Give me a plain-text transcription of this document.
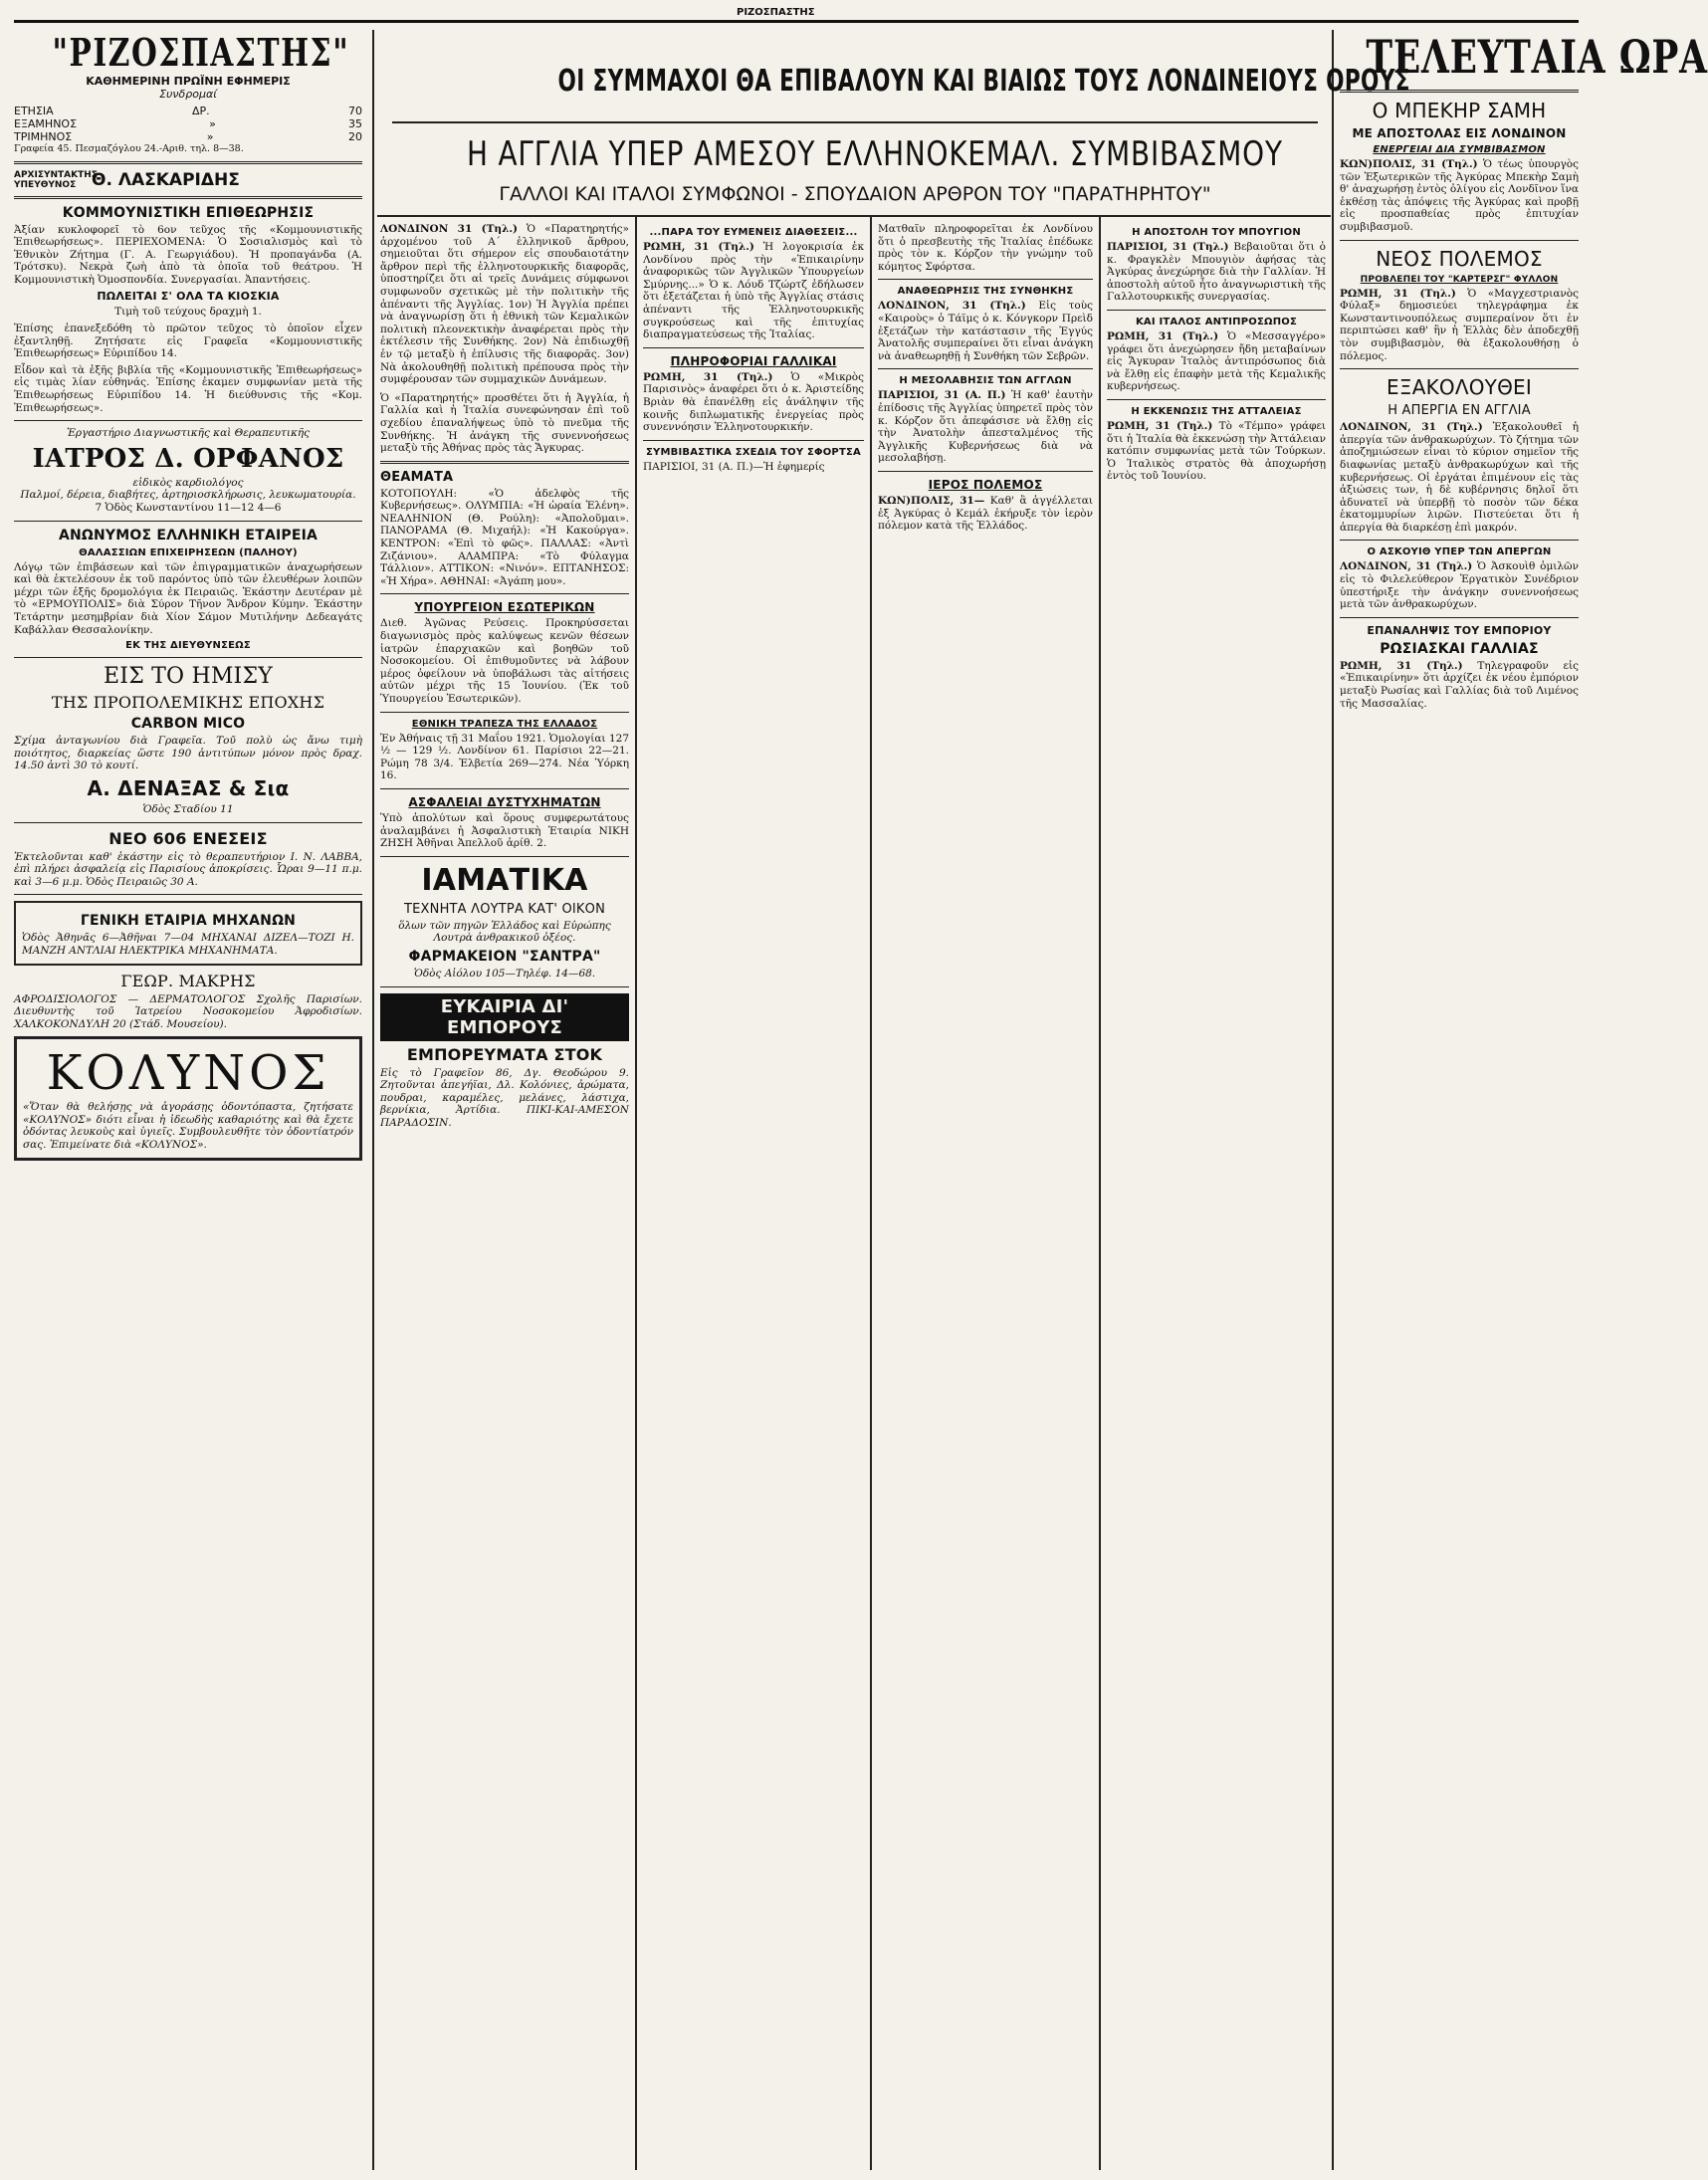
ΡΙΖΟΣΠΑΣΤΗΣ
ΟΙ ΣΥΜΜΑΧΟΙ ΘΑ ΕΠΙΒΑΛΟΥΝ ΚΑΙ ΒΙΑΙΩΣ ΤΟΥΣ ΛΟΝΔΙΝΕΙΟΥΣ ΟΡΟΥΣ
Η ΑΓΓΛΙΑ ΥΠΕΡ ΑΜΕΣΟΥ ΕΛΛΗΝΟΚΕΜΑΛ. ΣΥΜΒΙΒΑΣΜΟΥ
ΓΑΛΛΟΙ ΚΑΙ ΙΤΑΛΟΙ ΣΥΜΦΩΝΟΙ - ΣΠΟΥΔΑΙΟΝ ΑΡΘΡΟΝ ΤΟΥ "ΠΑΡΑΤΗΡΗΤΟΥ"
"ΡΙΖΟΣΠΑΣΤΗΣ"
ΚΑΘΗΜΕΡΙΝΗ ΠΡΩΪΝΗ ΕΦΗΜΕΡΙΣ
Συνδρομαί
ΕΤΗΣΙΑ	ΔΡ.	70
ΕΞΑΜΗΝΟΣ	»	35
ΤΡΙΜΗΝΟΣ	»	20
Γραφεία 45. Πεσμαζόγλου 24.-Αριθ. τηλ. 8—38.
ΑΡΧΙΣΥΝΤΑΚΤΗΣ ΥΠΕΥΘΥΝΟΣ Θ. ΛΑΣΚΑΡΙΔΗΣ
ΚΟΜΜΟΥΝΙΣΤΙΚΗ ΕΠΙΘΕΩΡΗΣΙΣ
Ἀξίαν κυκλοφορεῖ τὸ 6ον τεῦχος τῆς «Κομμουνιστικῆς Ἐπιθεωρήσεως». ΠΕΡΙΕΧΟΜΕΝΑ: Ὁ Σοσιαλισμὸς καὶ τὸ Ἐθνικὸν Ζήτημα (Γ. Α. Γεωργιάδου). Ἡ προπαγάνδα (Α. Τρότσκυ). Νεκρὰ ζωὴ ἀπὸ τὰ ὁποῖα τοῦ θεάτρου. Ἡ Κομμουνιστικὴ Ὁμοσπονδία. Συνεργασίαι. Ἀπαντήσεις.
ΠΩΛΕΙΤΑΙ Σ' ΟΛΑ ΤΑ ΚΙΟΣΚΙΑ
Τιμὴ τοῦ τεύχους δραχμὴ 1.
Ἐπίσης ἐπανεξεδόθη τὸ πρῶτον τεῦχος τὸ ὁποῖον εἶχεν ἐξαντληθῇ. Ζητήσατε εἰς Γραφεῖα «Κομμουνιστικῆς Ἐπιθεωρήσεως» Εὐριπίδου 14.
Εἶδον καὶ τὰ ἑξῆς βιβλία τῆς «Κομμουνιστικῆς Ἐπιθεωρήσεως» εἰς τιμὰς λίαν εὐθηνάς. Ἐπίσης ἐκαμεν συμφωνίαν μετὰ τῆς Ἐπιθεωρήσεως Εὐριπίδου 14. Ἡ διεύθυνσις τῆς «Κομ. Ἐπιθεωρήσεως».
Ἐργαστήριο Διαγνωστικῆς καὶ Θεραπευτικῆς
ΙΑΤΡΟΣ Δ. ΟΡΦΑΝΟΣ
εἰδικὸς καρδιολόγος
Παλμοί, δέρεια, διαβήτες, ἀρτηριοσκλήρωσις, λευκωματουρία.
7 Ὁδὸς Κωνσταντίνου 11—12 4—6
ΑΝΩΝΥΜΟΣ ΕΛΛΗΝΙΚΗ ΕΤΑΙΡΕΙΑ
ΘΑΛΑΣΣΙΩΝ ΕΠΙΧΕΙΡΗΣΕΩΝ (ΠΑΛΗΟΥ)
Λόγῳ τῶν ἐπιβάσεων καὶ τῶν ἐπιγραμματικῶν ἀναχωρήσεων καὶ θὰ ἐκτελέσουν ἐκ τοῦ παρόντος ὑπὸ τῶν ἐλευθέρων λοιπῶν μέχρι τῶν ἐξῆς δρομολόγια ἐκ Πειραιῶς. Ἑκάστην Δευτέραν μὲ τὸ «ΕΡΜΟΥΠΟΛΙΣ» διὰ Σύρον Τῆνον Ἄνδρον Κύμην. Ἑκάστην Τετάρτην μεσημβρίαν διὰ Χίον Σάμον Μυτιλήνην Δεδεαγάτς Καβάλλαν Θεσσαλονίκην.
ΕΚ ΤΗΣ ΔΙΕΥΘΥΝΣΕΩΣ
ΕΙΣ ΤΟ ΗΜΙΣΥ
ΤΗΣ ΠΡΟΠΟΛΕΜΙΚΗΣ ΕΠΟΧΗΣ
CARBON MICO
Σχίμα ἀνταγωνίου διὰ Γραφεῖα. Τοῦ πολὺ ὡς ἄνω τιμὴ ποιότητος, διαρκείας ὥστε 190 ἀντιτύπων μόνον πρὸς δραχ. 14.50 ἀντὶ 30 τὸ κουτί.
Α. ΔΕΝΑΞΑΣ & Σια
Ὁδὸς Σταδίου 11
ΝΕΟ 606 ΕΝΕΣΕΙΣ
Ἐκτελοῦνται καθ' ἑκάστην εἰς τὸ θεραπευτήριον Ι. Ν. ΛΑΒΒΑ, ἐπὶ πλήρει ἀσφαλείᾳ εἰς Παρισίους ἀποκρίσεις. Ὧραι 9—11 π.μ. καὶ 3—6 μ.μ. Ὁδὸς Πειραιῶς 30 Α.
ΓΕΝΙΚΗ ΕΤΑΙΡΙΑ ΜΗΧΑΝΩΝ
Ὁδὸς Ἀθηνᾶς 6—Ἀθῆναι 7—04 ΜΗΧΑΝΑΙ ΔΙΖΕΛ—ΤΟΖΙ Η. ΜΑΝΖΗ ΑΝΤΛΙΑΙ ΗΛΕΚΤΡΙΚΑ ΜΗΧΑΝΗΜΑΤΑ.
ΓΕΩΡ. ΜΑΚΡΗΣ
ΑΦΡΟΔΙΣΙΟΛΟΓΟΣ — ΔΕΡΜΑΤΟΛΟΓΟΣ Σχολῆς Παρισίων. Διευθυντὴς τοῦ Ἰατρείου Νοσοκομείου Ἀφροδισίων. ΧΑΛΚΟΚΟΝΔΥΛΗ 20 (Στάδ. Μουσείου).
ΚΟΛΥΝΟΣ
«Ὅταν θὰ θελήσῃς νὰ ἀγοράσῃς ὀδοντόπαστα, ζητήσατε «ΚΟΛΥΝΟΣ» διότι εἶναι ἡ ἰδεωδὴς καθαριότης καὶ θὰ ἔχετε ὀδόντας λευκοὺς καὶ ὑγιεῖς. Συμβουλευθῆτε τὸν ὀδοντίατρόν σας. Ἐπιμείνατε διὰ «ΚΟΛΥΝΟΣ».
ΛΟΝΔΙΝΟΝ 31 (Τηλ.) Ὁ «Παρατηρητής» ἀρχομένου τοῦ Α΄ ἑλληνικοῦ ἄρθρου, σημειοῦται ὅτι σήμερον εἰς σπουδαιοτάτην ἄρθρον περὶ τῆς ἑλληνοτουρκικῆς διαφορᾶς, ὑποστηρίζει ὅτι αἱ τρεῖς Δυνάμεις σύμφωνοι συμφωνοῦν σχετικῶς μὲ τὴν πολιτικὴν τῆς ἀπέναντι τῆς Ἀγγλίας. 1ον) Ἡ Ἀγγλία πρέπει νὰ ἀναγνωρίσῃ ὅτι ἡ ἐθνικὴ τῶν Κεμαλικῶν πολιτικὴ πλεονεκτικὴν ἀναφέρεται πρὸς τὴν ἐκτέλεσιν τῆς Συνθήκης. 2ον) Νὰ ἐπιδιωχθῇ ἐν τῷ μεταξὺ ἡ ἐπίλυσις τῆς διαφορᾶς. 3ον) Νὰ ἀκολουθηθῇ πολιτικὴ πρέπουσα πρὸς τὴν συμφέρουσαν τῶν συμμαχικῶν Δυνάμεων.
Ὁ «Παρατηρητής» προσθέτει ὅτι ἡ Ἀγγλία, ἡ Γαλλία καὶ ἡ Ἰταλία συνεφώνησαν ἐπὶ τοῦ σχεδίου ἐπαναλήψεως ὑπὸ τὸ πνεῦμα τῆς Συνθήκης. Ἡ ἀνάγκη τῆς συνεννοήσεως μεταξὺ τῆς Ἀθήνας πρὸς τὰς Ἄγκυρας.
ΘΕΑΜΑΤΑ
ΚΟΤΟΠΟΥΛΗ: «Ὁ ἀδελφὸς τῆς Κυβερνήσεως». ΟΛΥΜΠΙΑ: «Ἡ ὡραία Ἑλένη». ΝΕΑΛΗΝΙΟΝ (Θ. Ρούλη): «Ἀπολοῦμαι». ΠΑΝΟΡΑΜΑ (Θ. Μιχαήλ): «Ἡ Κακούργα». ΚΕΝΤΡΟΝ: «Ἐπὶ τὸ φῶς». ΠΑΛΛΑΣ: «Ἀντὶ Ζιζάνιου». ΑΛΑΜΠΡΑ: «Τὸ Φύλαγμα Τάλλιον». ΑΤΤΙΚΟΝ: «Νινόν». ΕΠΤΑΝΗΣΟΣ: «Ἡ Χήρα». ΑΘΗΝΑΙ: «Ἀγάπη μου».
ΥΠΟΥΡΓΕΙΟΝ ΕΣΩΤΕΡΙΚΩΝ
Διεθ. Ἀγῶνας Ρεύσεις. Προκηρύσσεται διαγωνισμὸς πρὸς καλύψεως κενῶν θέσεων ἱατρῶν ἐπαρχιακῶν καὶ βοηθῶν τοῦ Νοσοκομείου. Οἱ ἐπιθυμοῦντες νὰ λάβουν μέρος ὀφείλουν νὰ ὑποβάλωσι τὰς αἰτήσεις αὐτῶν μέχρι τῆς 15 Ἰουνίου. (Ἐκ τοῦ Ὑπουργείου Ἐσωτερικῶν).
ΕΘΝΙΚΗ ΤΡΑΠΕΖΑ ΤΗΣ ΕΛΛΑΔΟΣ
Ἐν Ἀθήναις τῇ 31 Μαΐου 1921. Ὁμολογίαι 127 ½ — 129 ½. Λονδίνον 61. Παρίσιοι 22—21. Ρώμη 78 3/4. Ἑλβετία 269—274. Νέα Ὑόρκη 16.
ΑΣΦΑΛΕΙΑΙ ΔΥΣΤΥΧΗΜΑΤΩΝ
Ὑπὸ ἀπολύτων καὶ ὅρους συμφερωτάτους ἀναλαμβάνει ἡ Ἀσφαλιστικὴ Ἑταιρία ΝΙΚΗ ΖΗΣΗ Ἀθῆναι Ἀπελλοῦ ἀρίθ. 2.
ΙΑΜΑΤΙΚΑ
ΤΕΧΝΗΤΑ ΛΟΥΤΡΑ ΚΑΤ' ΟΙΚΟΝ
ὅλων τῶν πηγῶν Ἑλλάδος καὶ Εὐρώπης Λουτρὰ ἀνθρακικοῦ ὀξέος.
ΦΑΡΜΑΚΕΙΟΝ "ΣΑΝΤΡΑ"
Ὁδὸς Αἰόλου 105—Τηλέφ. 14—68.
ΕΥΚΑΙΡΙΑ ΔΙ' ΕΜΠΟΡΟΥΣ
ΕΜΠΟΡΕΥΜΑΤΑ ΣΤΟΚ
Εἰς τὸ Γραφεῖον 86, Δγ. Θεοδώρου 9. Ζητοῦνται ἀπεγήϊαι, Δλ. Κολόνιες, ἀρώματα, πουδραι, καραμέλες, μελάνες, λάστιχα, βερνίκια, Ἀρτίδια. ΠΙΚΙ-ΚΑΙ-ΑΜΕΣΟΝ ΠΑΡΑΔΟΣΙΝ.
...ΠΑΡΑ ΤΟΥ ΕΥΜΕΝΕΙΣ ΔΙΑΘΕΣΕΙΣ...
ΡΩΜΗ, 31 (Τηλ.) Ἡ λογοκρισία ἐκ Λονδίνου πρὸς τὴν «Ἐπικαιρίνην ἀναφορικῶς τῶν Ἀγγλικῶν Ὑπουργείων Σμύρνης...» Ὁ κ. Λόυδ Τζώρτζ ἐδήλωσεν ὅτι ἐξετάζεται ἡ ὑπὸ τῆς Ἀγγλίας στάσις ἀπέναντι τῆς Ἑλληνοτουρκικῆς συγκρούσεως καὶ τῆς ἐπιτυχίας διαπραγματεύσεως τῆς Ἰταλίας.
ΠΛΗΡΟΦΟΡΙΑΙ ΓΑΛΛΙΚΑΙ
ΡΩΜΗ, 31 (Τηλ.) Ὁ «Μικρὸς Παρισινὸς» ἀναφέρει ὅτι ὁ κ. Ἀριστείδης Βριὰν θὰ ἐπανέλθῃ εἰς ἀνάληψιν τῆς κοινῆς διπλωματικῆς ἐνεργείας πρὸς συνεννόησιν Ἑλληνοτουρκικήν.
ΣΥΜΒΙΒΑΣΤΙΚΑ ΣΧΕΔΙΑ ΤΟΥ ΣΦΟΡΤΣΑ
ΠΑΡΙΣΙΟΙ, 31 (Α. Π.)—Ἡ ἐφημερίς
Ματθαῖν πληροφορεῖται ἐκ Λονδίνου ὅτι ὁ πρεσβευτὴς τῆς Ἰταλίας ἐπέδωκε πρὸς τὸν κ. Κόρζον τὴν γνώμην τοῦ κόμητος Σφόρτσα.
ΑΝΑΘΕΩΡΗΣΙΣ ΤΗΣ ΣΥΝΘΗΚΗΣ
ΛΟΝΔΙΝΟΝ, 31 (Τηλ.) Εἰς τοὺς «Καιροὺς» ὁ Τάϊμς ὁ κ. Κόνγκορν Πρεὶδ ἐξετάζων τὴν κατάστασιν τῆς Ἐγγύς Ἀνατολῆς συμπεραίνει ὅτι εἶναι ἀνάγκη νὰ ἀναθεωρηθῇ ἡ Συνθήκη τῶν Σεβρῶν.
Η ΜΕΣΟΛΑΒΗΣΙΣ ΤΩΝ ΑΓΓΛΩΝ
ΠΑΡΙΣΙΟΙ, 31 (Α. Π.) Ἡ καθ' ἑαυτὴν ἐπίδοσις τῆς Ἀγγλίας ὑπηρετεῖ πρὸς τὸν κ. Κόρζον ὅτι ἀπεφάσισε νὰ ἔλθῃ εἰς τὴν Ἀνατολὴν ἀπεσταλμένος τῆς Ἀγγλικῆς Κυβερνήσεως διὰ νὰ μεσολαβήσῃ.
ΙΕΡΟΣ ΠΟΛΕΜΟΣ
ΚΩΝ)ΠΟΛΙΣ, 31— Καθ' ἃ ἀγγέλλεται ἐξ Ἀγκύρας ὁ Κεμάλ ἐκήρυξε τὸν ἱερὸν πόλεμον κατὰ τῆς Ἑλλάδος.
Η ΑΠΟΣΤΟΛΗ ΤΟΥ ΜΠΟΥΓΙΟΝ
ΠΑΡΙΣΙΟΙ, 31 (Τηλ.) Βεβαιοῦται ὅτι ὁ κ. Φραγκλὲν Μπουγιὸν ἀφήσας τὰς Ἀγκύρας ἀνεχώρησε διὰ τὴν Γαλλίαν. Ἡ ἀποστολὴ αὐτοῦ ἦτο ἀναγνωριστικὴ τῆς Γαλλοτουρκικῆς συνεργασίας.
ΚΑΙ ΙΤΑΛΟΣ ΑΝΤΙΠΡΟΣΩΠΟΣ
ΡΩΜΗ, 31 (Τηλ.) Ὁ «Μεσσαγγέρο» γράφει ὅτι ἀνεχώρησεν ἤδη μεταβαίνων εἰς Ἄγκυραν Ἰταλὸς ἀντιπρόσωπος διὰ νὰ ἔλθῃ εἰς ἐπαφὴν μετὰ τῆς Κεμαλικῆς κυβερνήσεως.
Η ΕΚΚΕΝΩΣΙΣ ΤΗΣ ΑΤΤΑΛΕΙΑΣ
ΡΩΜΗ, 31 (Τηλ.) Τὸ «Τέμπο» γράφει ὅτι ἡ Ἰταλία θὰ ἐκκενώσῃ τὴν Ἀττάλειαν κατόπιν συμφωνίας μετὰ τῶν Τούρκων. Ὁ Ἰταλικὸς στρατὸς θὰ ἀποχωρήσῃ ἐντὸς τοῦ Ἰουνίου.
ΤΕΛΕΥΤΑΙΑ ΩΡΑ
Ο ΜΠΕΚΗΡ ΣΑΜΗ
ΜΕ ΑΠΟΣΤΟΛΑΣ ΕΙΣ ΛΟΝΔΙΝΟΝ
ΕΝΕΡΓΕΙΑΙ ΔΙΑ ΣΥΜΒΙΒΑΣΜΟΝ
ΚΩΝ)ΠΟΛΙΣ, 31 (Τηλ.) Ὁ τέως ὑπουργὸς τῶν Ἐξωτερικῶν τῆς Ἀγκύρας Μπεκὴρ Σαμὴ θ' ἀναχωρήσῃ ἐντὸς ὀλίγου εἰς Λονδῖνον ἵνα ἐκθέσῃ τὰς ἀπόψεις τῆς Ἀγκύρας καὶ προβῇ εἰς προσπαθείας πρὸς ἐπιτυχίαν συμβιβασμοῦ.
ΝΕΟΣ ΠΟΛΕΜΟΣ
ΠΡΟΒΛΕΠΕΙ ΤΟΥ "ΚΑΡΤΕΡΣΓ" ΦΥΛΛΟΝ
ΡΩΜΗ, 31 (Τηλ.) Ὁ «Μαγχεστριανὸς Φύλαξ» δημοσιεύει τηλεγράφημα ἐκ Κωνσταντινουπόλεως συμπεραίνον ὅτι ἐν περιπτώσει καθ' ἣν ἡ Ἑλλὰς δὲν ἀποδεχθῇ τὸν συμβιβασμὸν, θὰ ἐξακολουθήσῃ ὁ πόλεμος.
ΕΞΑΚΟΛΟΥΘΕΙ
Η ΑΠΕΡΓΙΑ ΕΝ ΑΓΓΛΙΑ
ΛΟΝΔΙΝΟΝ, 31 (Τηλ.) Ἐξακολουθεῖ ἡ ἀπεργία τῶν ἀνθρακωρύχων. Τὸ ζήτημα τῶν ἀποζημιώσεων εἶναι τὸ κύριον σημεῖον τῆς διαφωνίας μεταξὺ ἀνθρακωρύχων καὶ τῆς κυβερνήσεως. Οἱ ἐργάται ἐπιμένουν εἰς τὰς ἀξιώσεις των, ἡ δὲ κυβέρνησις δηλοῖ ὅτι ἀδυνατεῖ νὰ ὑπερβῇ τὸ ποσὸν τῶν δέκα ἑκατομμυρίων λιρῶν. Πιστεύεται ὅτι ἡ ἀπεργία θὰ διαρκέσῃ ἐπὶ μακρόν.
Ο ΑΣΚΟΥΙΘ ΥΠΕΡ ΤΩΝ ΑΠΕΡΓΩΝ
ΛΟΝΔΙΝΟΝ, 31 (Τηλ.) Ὁ Ἀσκουὶθ ὁμιλῶν εἰς τὸ Φιλελεύθερον Ἐργατικὸν Συνέδριον ὑπεστήριξε τὴν ἀνάγκην συνεννοήσεως μετὰ τῶν ἀνθρακωρύχων.
ΕΠΑΝΑΛΗΨΙΣ ΤΟΥ ΕΜΠΟΡΙΟΥ
ΡΩΣΙΑΣΚΑΙ ΓΑΛΛΙΑΣ
ΡΩΜΗ, 31 (Τηλ.) Τηλεγραφοῦν εἰς «Ἐπικαιρίνην» ὅτι ἀρχίζει ἐκ νέου ἐμπόριον μεταξὺ Ρωσίας καὶ Γαλλίας διὰ τοῦ Λιμένος τῆς Μασσαλίας.
